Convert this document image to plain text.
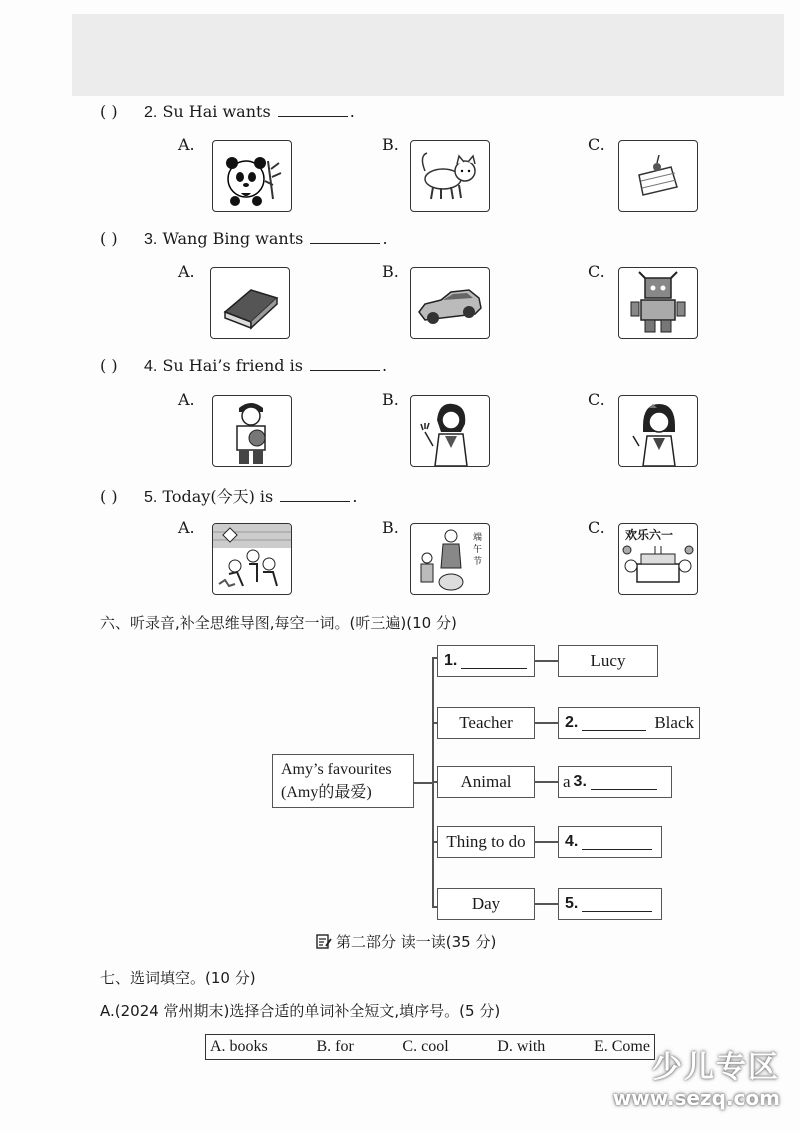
( ) 2. Su Hai wants	.
A.	B.	C.
( ) 3. Wang Bing wants	.
A.	B.	C.
( ) 4. Su Hai’s friend is	.
A.	B.	C.
( ) 5. Today(今天) is	.
A.	B.	C.
端
午
节
欢乐六一
六、听录音,补全思维导图,每空一词。(听三遍)(10 分)
Amy’s favourites
(Amy的最爱)
1.	Lucy
Teacher	2.	Black
Animal	a 3.
Thing to do 4.
Day	5.
第二部分 读一读(35 分)
七、选词填空。(10 分)
A.(2024 常州期末)选择合适的单词补全短文,填序号。(5 分)
A. books	B. for	C. cool	D. with	E. Come
少儿专区
www.sezq.com
